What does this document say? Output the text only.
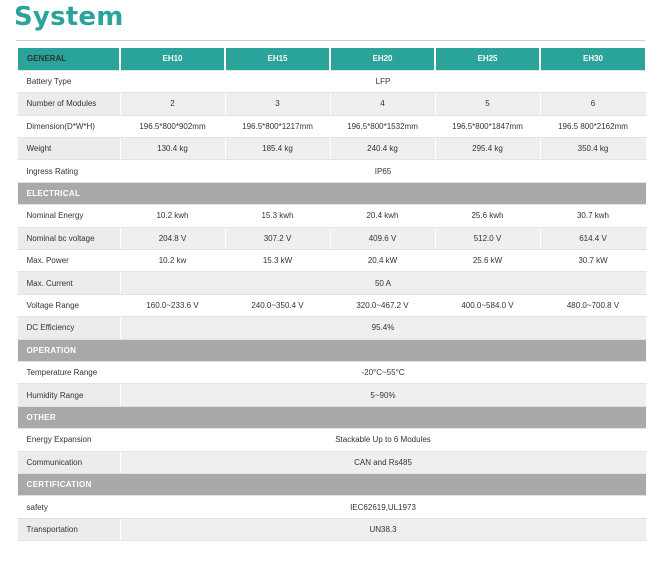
System
GENERAL	EH10	EH15	EH20	EH25	EH30
Battery Type	LFP				
Number of Modules	2	3	4	5	6
Dimension(D*W*H)	196.5*800*902mm	196.5*800*1217mm	196.5*800*1532mm	196.5*800*1847mm	196.5 800*2162mm
Weight	130.4 kg	185.4 kg	240.4 kg	295.4 kg	350.4 kg
Ingress Rating	IP65				
ELECTRICAL					
Nominal Energy	10.2 kwh	15.3 kwh	20.4 kwh	25.6 kwh	30.7 kwh
Nominal bc voltage	204.8 V	307.2 V	409.6 V	512.0 V	614.4 V
Max. Power	10.2 kw	15.3 kW	20.4 kW	25.6 kW	30.7 kW
Max. Current	50 A				
Voltage Range	160.0~233.6 V	240.0~350.4 V	320.0~467.2 V	400.0~584.0 V	480.0~700.8 V
DC Efficiency	95.4%				
OPERATION					
Temperature Range	-20°C~55°C				
Humidity Range	5~90%				
OTHER					
Energy Expansion	Stackable Up to 6 Modules				
Communication	CAN and Rs485				
CERTIFICATION					
safety	IEC62619,UL1973				
Transportation	UN38.3				
